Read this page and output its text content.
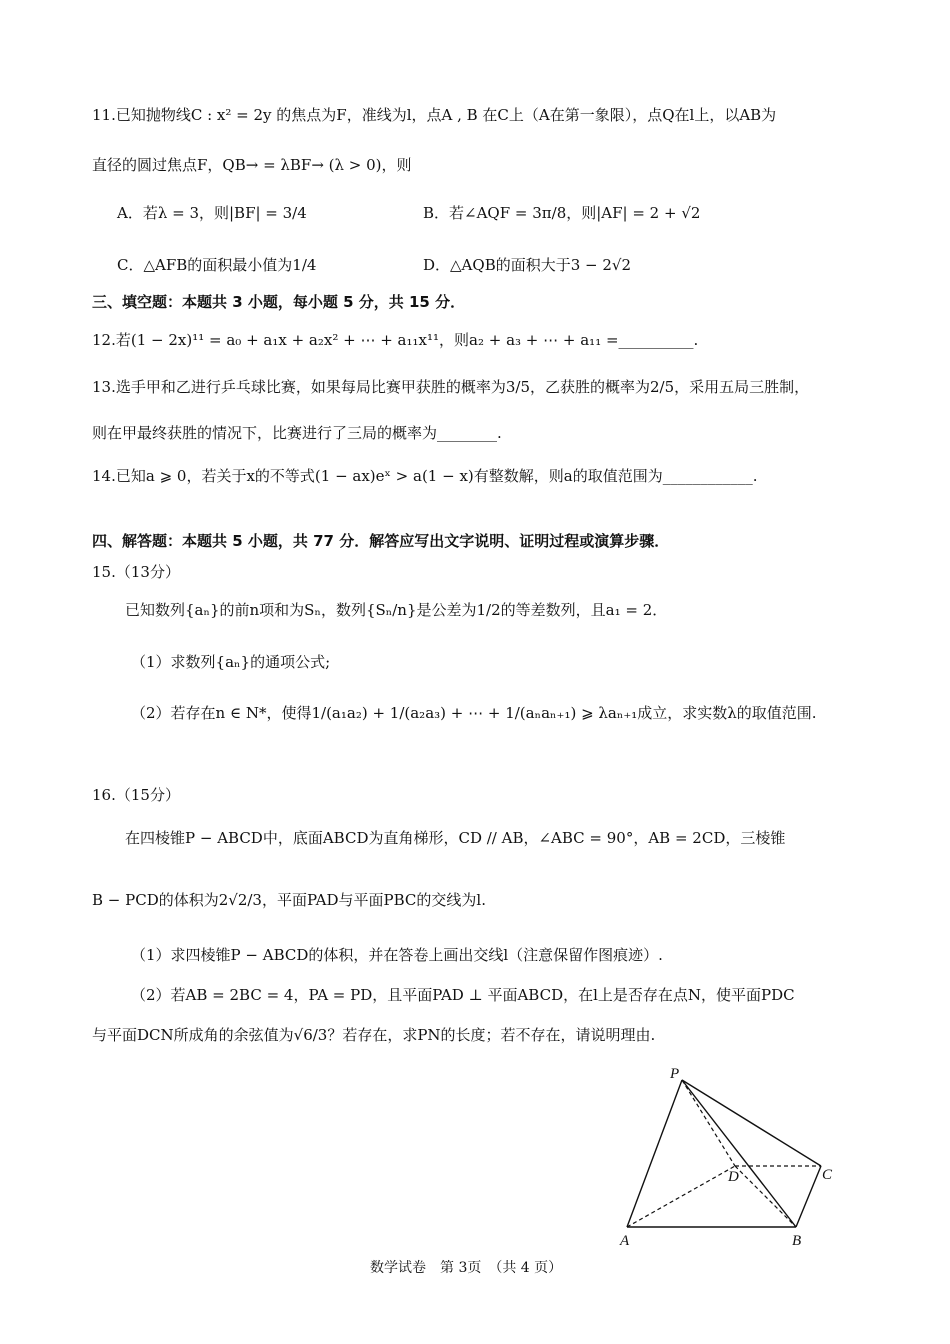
11.已知抛物线C : x² = 2y 的焦点为F，准线为l，点A , B 在C上（A在第一象限），点Q在l上，以AB为
直径的圆过焦点F，QB→ = λBF→ (λ > 0)，则
A．若λ = 3，则|BF| = 3/4	B．若∠AQF = 3π/8，则|AF| = 2 + √2
C．△AFB的面积最小值为1/4	D．△AQB的面积大于3 − 2√2
三、填空题：本题共 3 小题，每小题 5 分，共 15 分．
12.若(1 − 2x)¹¹ = a₀ + a₁x + a₂x² + ⋯ + a₁₁x¹¹，则a₂ + a₃ + ⋯ + a₁₁ =__________.
13.选手甲和乙进行乒乓球比赛，如果每局比赛甲获胜的概率为3/5，乙获胜的概率为2/5，采用五局三胜制，
则在甲最终获胜的情况下，比赛进行了三局的概率为________.
14.已知a ⩾ 0，若关于x的不等式(1 − ax)eˣ > a(1 − x)有整数解，则a的取值范围为____________.
四、解答题：本题共 5 小题，共 77 分．解答应写出文字说明、证明过程或演算步骤．
15.（13分）
已知数列{aₙ}的前n项和为Sₙ，数列{Sₙ/n}是公差为1/2的等差数列，且a₁ = 2．
（1）求数列{aₙ}的通项公式;
（2）若存在n ∈ N*，使得1/(a₁a₂) + 1/(a₂a₃) + ⋯ + 1/(aₙaₙ₊₁) ⩾ λaₙ₊₁成立，求实数λ的取值范围.
16.（15分）
在四棱锥P − ABCD中，底面ABCD为直角梯形，CD // AB，∠ABC = 90°，AB = 2CD，三棱锥
B − PCD的体积为2√2/3，平面PAD与平面PBC的交线为l.
（1）求四棱锥P − ABCD的体积，并在答卷上画出交线l（注意保留作图痕迹）.
（2）若AB = 2BC = 4，PA = PD，且平面PAD ⊥ 平面ABCD，在l上是否存在点N，使平面PDC
与平面DCN所成角的余弦值为√6/3？若存在，求PN的长度；若不存在，请说明理由.
P
A	B
C
D
数学试卷　第 3页　（共 4 页）
